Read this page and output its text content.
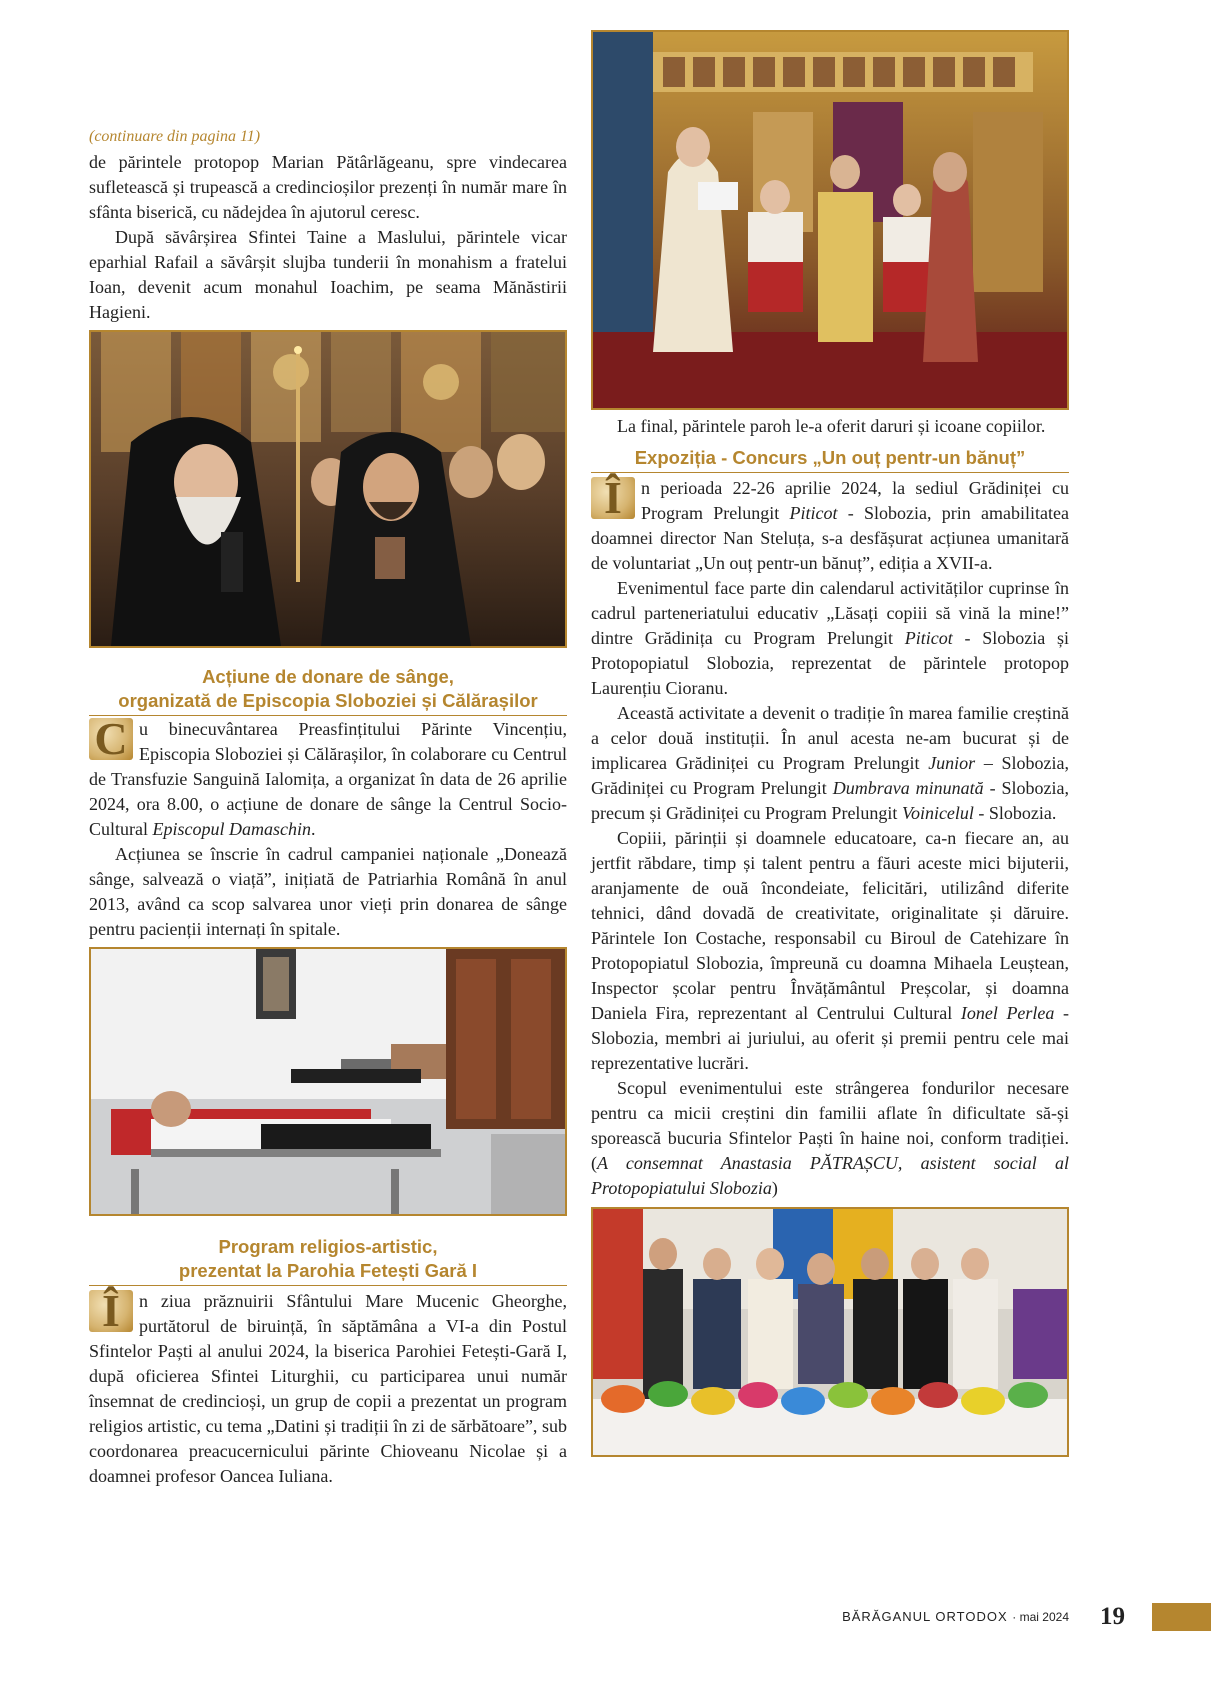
(continuare din pagina 11)

de părintele protopop Marian Pătârlăgeanu, spre vindecarea sufletească și trupească a credincioșilor prezenți în număr mare în sfânta biserică, cu nădejdea în ajutorul ceresc.

După săvârșirea Sfintei Taine a Maslului, părintele vicar eparhial Rafail a săvârșit slujba tunderii în monahism a fratelui Ioan, devenit acum monahul Ioachim, pe seama Mănăstirii Hagieni.

Acțiune de donare de sânge,
organizată de Episcopia Sloboziei și Călărașilor

C u binecuvântarea Preasfințitului Părinte Vincențiu, Episcopia Sloboziei și Călărașilor, în colaborare cu Centrul de Transfuzie Sanguină Ialomița, a organizat în data de 26 aprilie 2024, ora 8.00, o acțiune de donare de sânge la Centrul Socio-Cultural Episcopul Damaschin.

Acțiunea se înscrie în cadrul campaniei naționale „Donează sânge, salvează o viață”, inițiată de Patriarhia Română în anul 2013, având ca scop salvarea unor vieți prin donarea de sânge pentru pacienții internați în spitale.

Program religios-artistic,
prezentat la Parohia Fetești Gară I

Î	n ziua prăznuirii Sfântului Mare Mucenic Gheorghe, purtătorul de biruință, în săptămâna a VI-a din Postul Sfintelor Paști al anului 2024, la biserica Parohiei Fetești-Gară I, după oficierea Sfintei Liturghii, cu participarea unui număr însemnat de credincioși, un grup de copii a prezentat un program religios artistic, cu tema „Datini și tradiții în zi de sărbătoare”, sub coordonarea preacucernicului părinte Chioveanu Nicolae și a doamnei profesor Oancea Iuliana.

La final, părintele paroh le-a oferit daruri și icoane copiilor.

Expoziția - Concurs „Un ouț pentr-un bănuț”

Î	n perioada 22-26 aprilie 2024, la sediul Grădiniței cu Program Prelungit Piticot - Slobozia, prin amabilitatea doamnei director Nan Steluța, s-a desfășurat acțiunea umanitară de voluntariat „Un ouț pentr-un bănuț”, ediția a XVII-a.

Evenimentul face parte din calendarul activităților cuprinse în cadrul parteneriatului educativ „Lăsați copiii să vină la mine!” dintre Grădinița cu Program Prelungit Piticot - Slobozia și Protopopiatul Slobozia, reprezentat de părintele protopop Laurențiu Cioranu.

Această activitate a devenit o tradiție în marea familie creștină a celor două instituții. În anul acesta ne-am bucurat și de implicarea Grădiniței cu Program Prelungit Junior – Slobozia, Grădiniței cu Program Prelungit Dumbrava minunată - Slobozia, precum și Grădiniței cu Program Prelungit Voinicelul - Slobozia.

Copiii, părinții și doamnele educatoare, ca-n fiecare an, au jertfit răbdare, timp și talent pentru a făuri aceste mici bijuterii, aranjamente de ouă încondeiate, felicitări, utilizând diferite tehnici, dând dovadă de creativitate, originalitate și dăruire. Părintele Ion Costache, responsabil cu Biroul de Catehizare în Protopopiatul Slobozia, împreună cu doamna Mihaela Leuștean, Inspector școlar pentru Învățământul Preșcolar, și doamna Daniela Fira, reprezentant al Centrului Cultural Ionel Perlea - Slobozia, membri ai juriului, au oferit și premii pentru cele mai reprezentative lucrări.

Scopul evenimentului este strângerea fondurilor necesare pentru ca micii creștini din familii aflate în dificultate să-și sporească bucuria Sfintelor Paști în haine noi, conform tradiției. (A consemnat Anastasia PĂTRAȘCU, asistent social al Protopopiatului Slobozia)

BĂRĂGANUL ORTODOX · mai 2024 19
